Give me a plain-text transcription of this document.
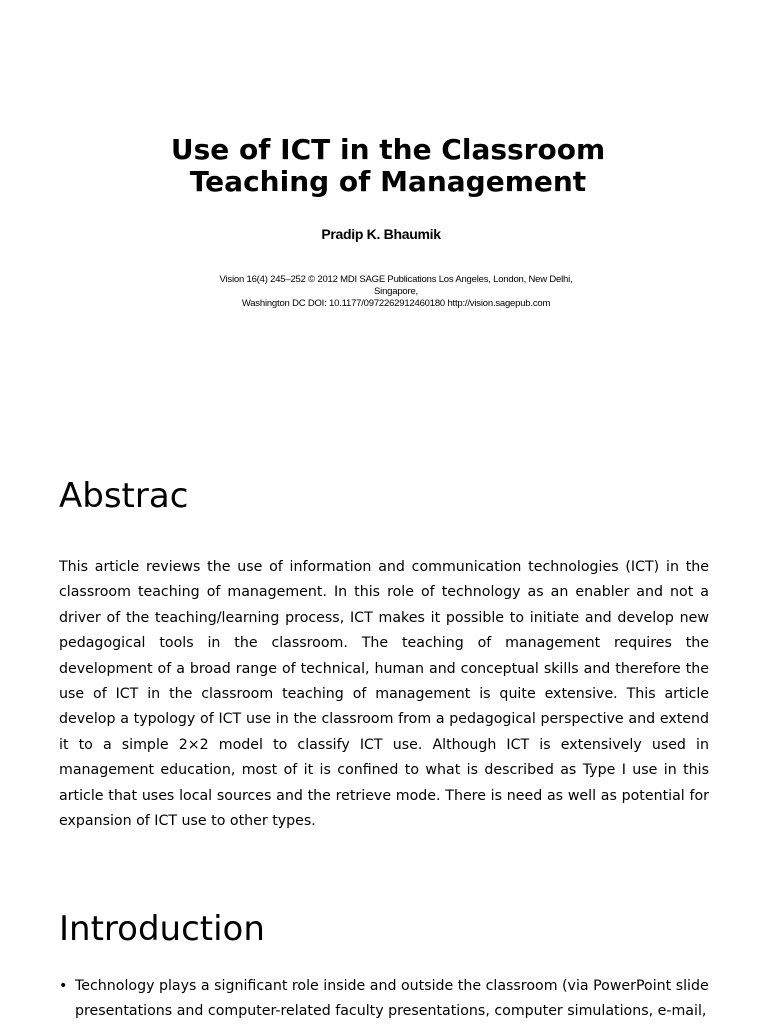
Use of ICT in the Classroom
Teaching of Management
Pradip K. Bhaumik
Vision 16(4) 245–252 © 2012 MDI SAGE Publications Los Angeles, London, New Delhi,
Singapore,
Washington DC DOI: 10.1177/0972262912460180 http://vision.sagepub.com
Abstrac

This article reviews the use of information and communication technologies (ICT) in the classroom teaching of management. In this role of technology as an enabler and not a driver of the teaching/learning process, ICT makes it possible to initiate and develop new pedagogical tools in the classroom. The teaching of management requires the development of a broad range of technical, human and conceptual skills and therefore the use of ICT in the classroom teaching of management is quite extensive. This article develop a typology of ICT use in the classroom from a pedagogical perspective and extend it to a simple 2×2 model to classify ICT use. Although ICT is extensively used in management education, most of it is confined to what is described as Type I use in this article that uses local sources and the retrieve mode. There is need as well as potential for expansion of ICT use to other types.

Introduction
• Technology plays a significant role inside and outside the classroom (via PowerPoint slide presentations and computer-related faculty presentations, computer simulations, e-mail,
